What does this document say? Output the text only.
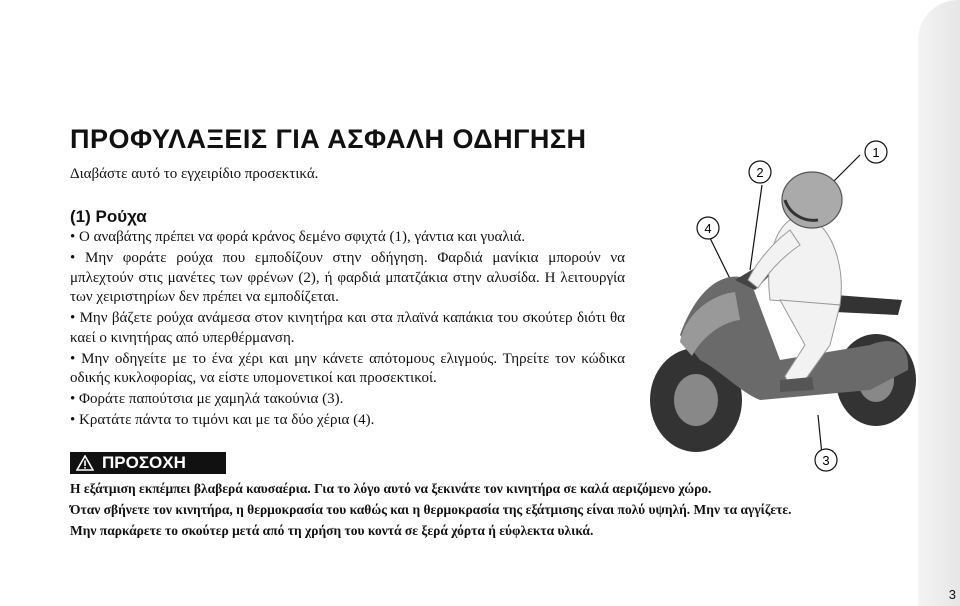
3
ΠΡΟΦΥΛΑΞΕΙΣ ΓΙΑ ΑΣΦΑΛΗ ΟΔΗΓΗΣΗ
Διαβάστε αυτό το εγχειρίδιο προσεκτικά.
(1) Ρούχα
• Ο αναβάτης πρέπει να φορά κράνος δεμένο σφιχτά (1), γάντια και γυαλιά.
• Μην φοράτε ρούχα που εμποδίζουν στην οδήγηση. Φαρδιά μανίκια μπορούν να μπλεχτούν στις μανέτες των φρένων (2), ή φαρδιά μπατζάκια στην αλυσίδα. Η λειτουργία των χειριστηρίων δεν πρέπει να εμποδίζεται.
• Μην βάζετε ρούχα ανάμεσα στον κινητήρα και στα πλαϊνά καπάκια του σκούτερ διότι θα καεί ο κινητήρας από υπερθέρμανση.
• Μην οδηγείτε με το ένα χέρι και μην κάνετε απότομους ελιγμούς. Τηρείτε τον κώδικα οδικής κυκλοφορίας, να είστε υπομονετικοί και προσεκτικοί.
• Φοράτε παπούτσια με χαμηλά τακούνια (3).
• Κρατάτε πάντα το τιμόνι και με τα δύο χέρια (4).
ΠΡΟΣΟΧΗ

Η εξάτμιση εκπέμπει βλαβερά καυσαέρια. Για το λόγο αυτό να ξεκινάτε τον κινητήρα σε καλά αεριζόμενο χώρο.

Όταν σβήνετε τον κινητήρα, η θερμοκρασία του καθώς και η θερμοκρασία της εξάτμισης είναι πολύ υψηλή. Μην τα αγγίζετε.

Μην παρκάρετε το σκούτερ μετά από τη χρήση του κοντά σε ξερά χόρτα ή εύφλεκτα υλικά.

1
2
3
4
